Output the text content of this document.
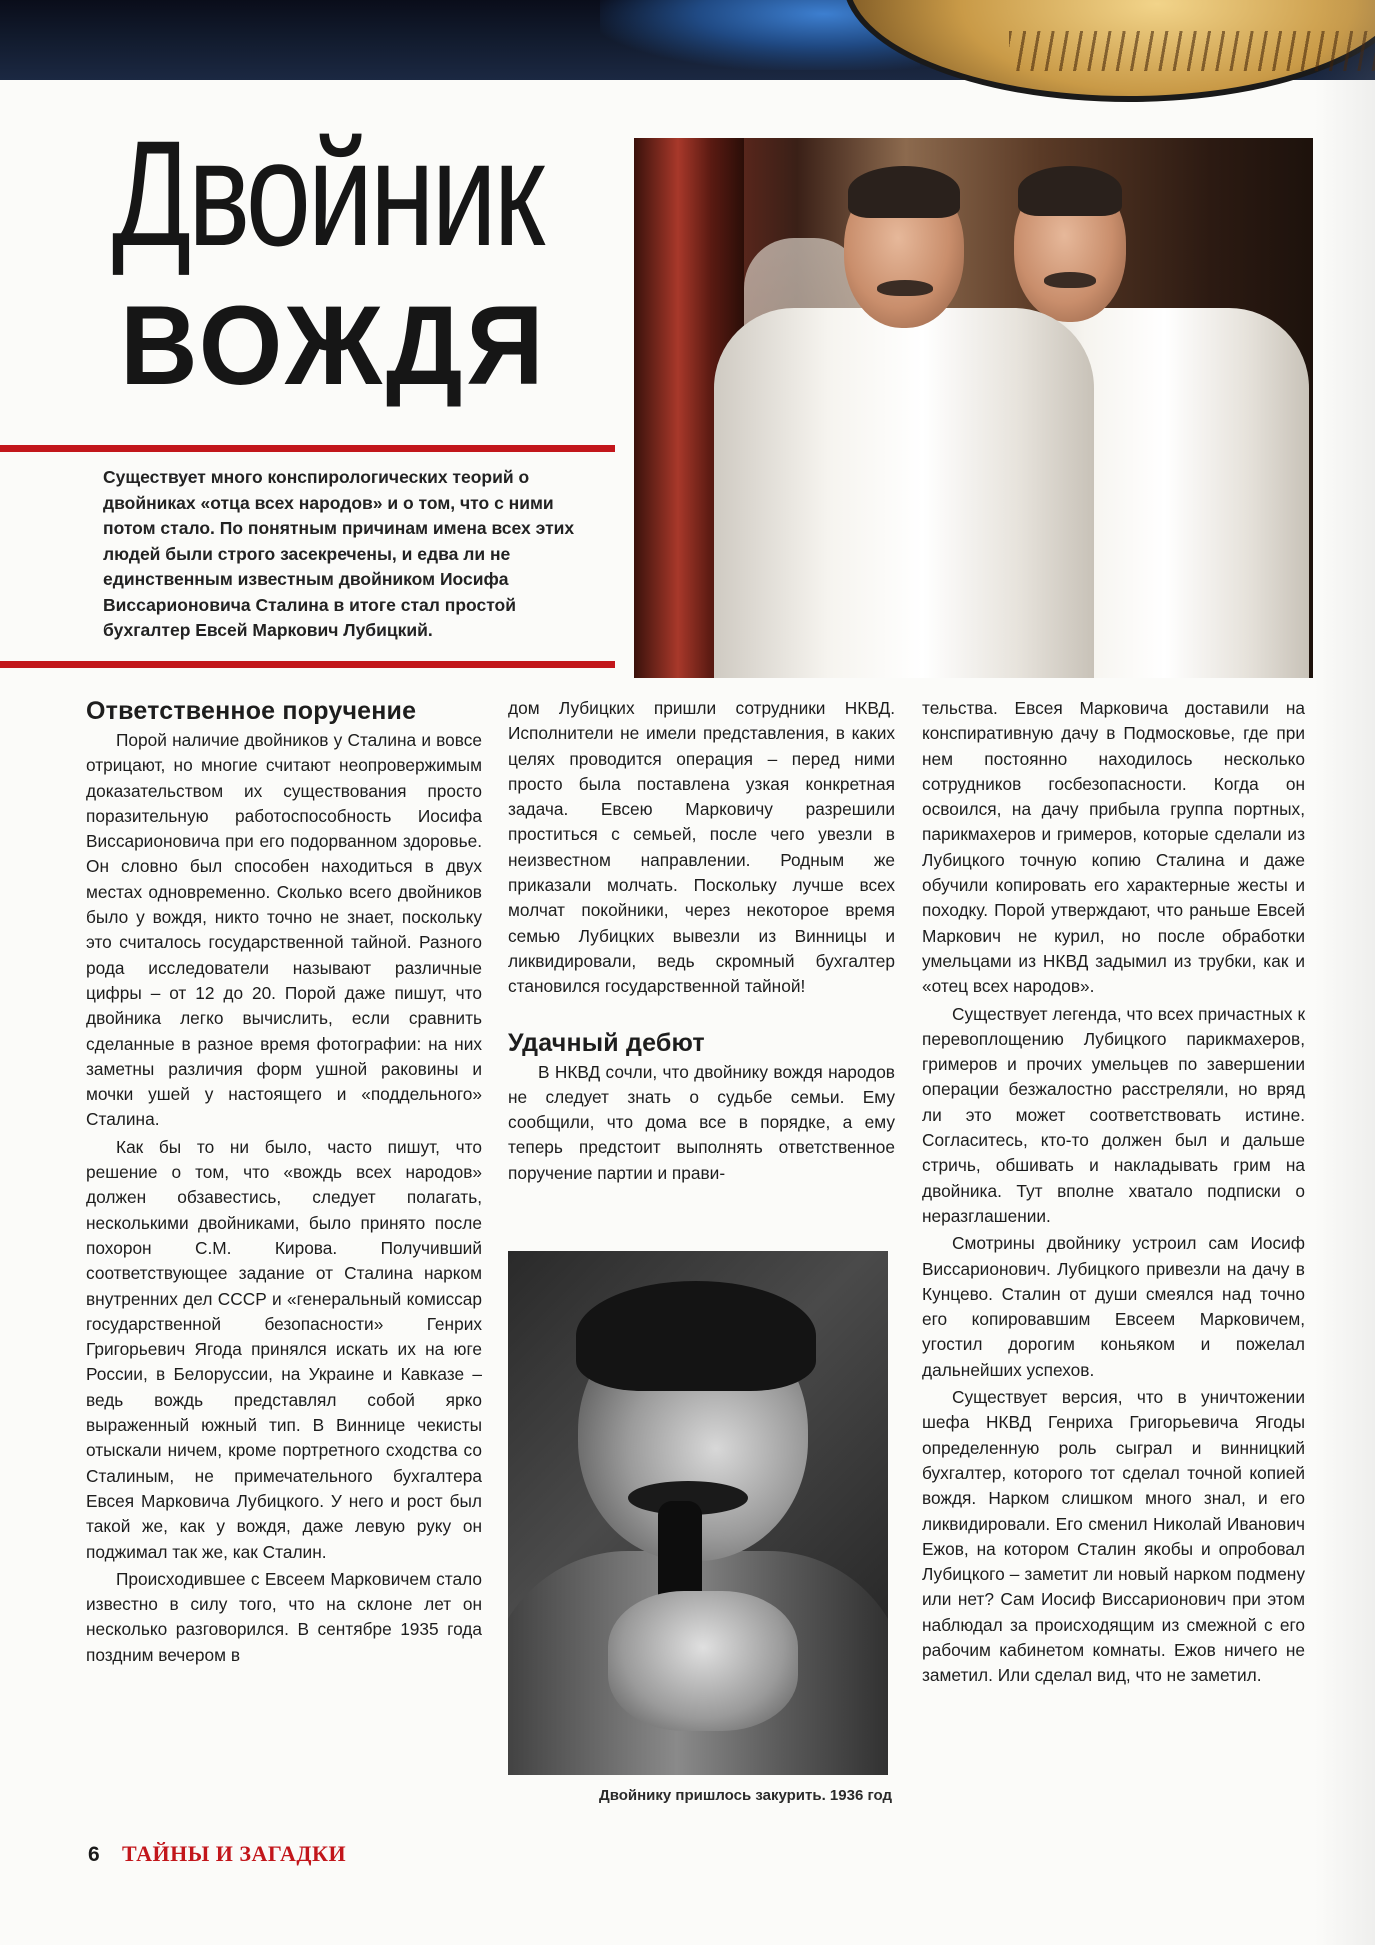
Двойник
ВОЖДЯ
Существует много конспирологических теорий о двойниках «отца всех народов» и о том, что с ними потом стало. По понятным причинам имена всех этих людей были строго засекречены, и едва ли не единственным известным двойником Иосифа Виссарионовича Сталина в итоге стал простой бухгалтер Евсей Маркович Лубицкий.
Ответственное поручение

Порой наличие двойников у Сталина и вовсе отрицают, но многие считают неопровержимым доказательством их существования просто поразительную работоспособность Иосифа Виссарионовича при его подорванном здоровье. Он словно был способен находиться в двух местах одновременно. Сколько всего двойников было у вождя, никто точно не знает, поскольку это считалось государственной тайной. Разного рода исследователи называют различные цифры – от 12 до 20. Порой даже пишут, что двойника легко вычислить, если сравнить сделанные в разное время фотографии: на них заметны различия форм ушной раковины и мочки ушей у настоящего и «поддельного» Сталина.

Как бы то ни было, часто пишут, что решение о том, что «вождь всех народов» должен обзавестись, следует полагать, несколькими двойниками, было принято после похорон С.М. Кирова. Получивший соответствующее задание от Сталина нарком внутренних дел СССР и «генеральный комиссар государственной безопасности» Генрих Григорьевич Ягода принялся искать их на юге России, в Белоруссии, на Украине и Кавказе – ведь вождь представлял собой ярко выраженный южный тип. В Виннице чекисты отыскали ничем, кроме портретного сходства со Сталиным, не примечательного бухгалтера Евсея Марковича Лубицкого. У него и рост был такой же, как у вождя, даже левую руку он поджимал так же, как Сталин.

Происходившее с Евсеем Марковичем стало известно в силу того, что на склоне лет он несколько разговорился. В сентябре 1935 года поздним вечером в

дом Лубицких пришли сотрудники НКВД. Исполнители не имели представления, в каких целях проводится операция – перед ними просто была поставлена узкая конкретная задача. Евсею Марковичу разрешили проститься с семьей, после чего увезли в неизвестном направлении. Родным же приказали молчать. Поскольку лучше всех молчат покойники, через некоторое время семью Лубицких вывезли из Винницы и ликвидировали, ведь скромный бухгалтер становился государственной тайной!

Удачный дебют

В НКВД сочли, что двойнику вождя народов не следует знать о судьбе семьи. Ему сообщили, что дома все в порядке, а ему теперь предстоит выполнять ответственное поручение партии и прави-

Двойнику пришлось закурить. 1936 год

тельства. Евсея Марковича доставили на конспиративную дачу в Подмосковье, где при нем постоянно находилось несколько сотрудников госбезопасности. Когда он освоился, на дачу прибыла группа портных, парикмахеров и гримеров, которые сделали из Лубицкого точную копию Сталина и даже обучили копировать его характерные жесты и походку. Порой утверждают, что раньше Евсей Маркович не курил, но после обработки умельцами из НКВД задымил из трубки, как и «отец всех народов».

Существует легенда, что всех причастных к перевоплощению Лубицкого парикмахеров, гримеров и прочих умельцев по завершении операции безжалостно расстреляли, но вряд ли это может соответствовать истине. Согласитесь, кто-то должен был и дальше стричь, обшивать и накладывать грим на двойника. Тут вполне хватало подписки о неразглашении.

Смотрины двойнику устроил сам Иосиф Виссарионович. Лубицкого привезли на дачу в Кунцево. Сталин от души смеялся над точно его копировавшим Евсеем Марковичем, угостил дорогим коньяком и пожелал дальнейших успехов.

Существует версия, что в уничтожении шефа НКВД Генриха Григорьевича Ягоды определенную роль сыграл и винницкий бухгалтер, которого тот сделал точной копией вождя. Нарком слишком много знал, и его ликвидировали. Его сменил Николай Иванович Ежов, на котором Сталин якобы и опробовал Лубицкого – заметит ли новый нарком подмену или нет? Сам Иосиф Виссарионович при этом наблюдал за происходящим из смежной с его рабочим кабинетом комнаты. Ежов ничего не заметил. Или сделал вид, что не заметил.

6 ТАЙНЫ И ЗАГАДКИ
